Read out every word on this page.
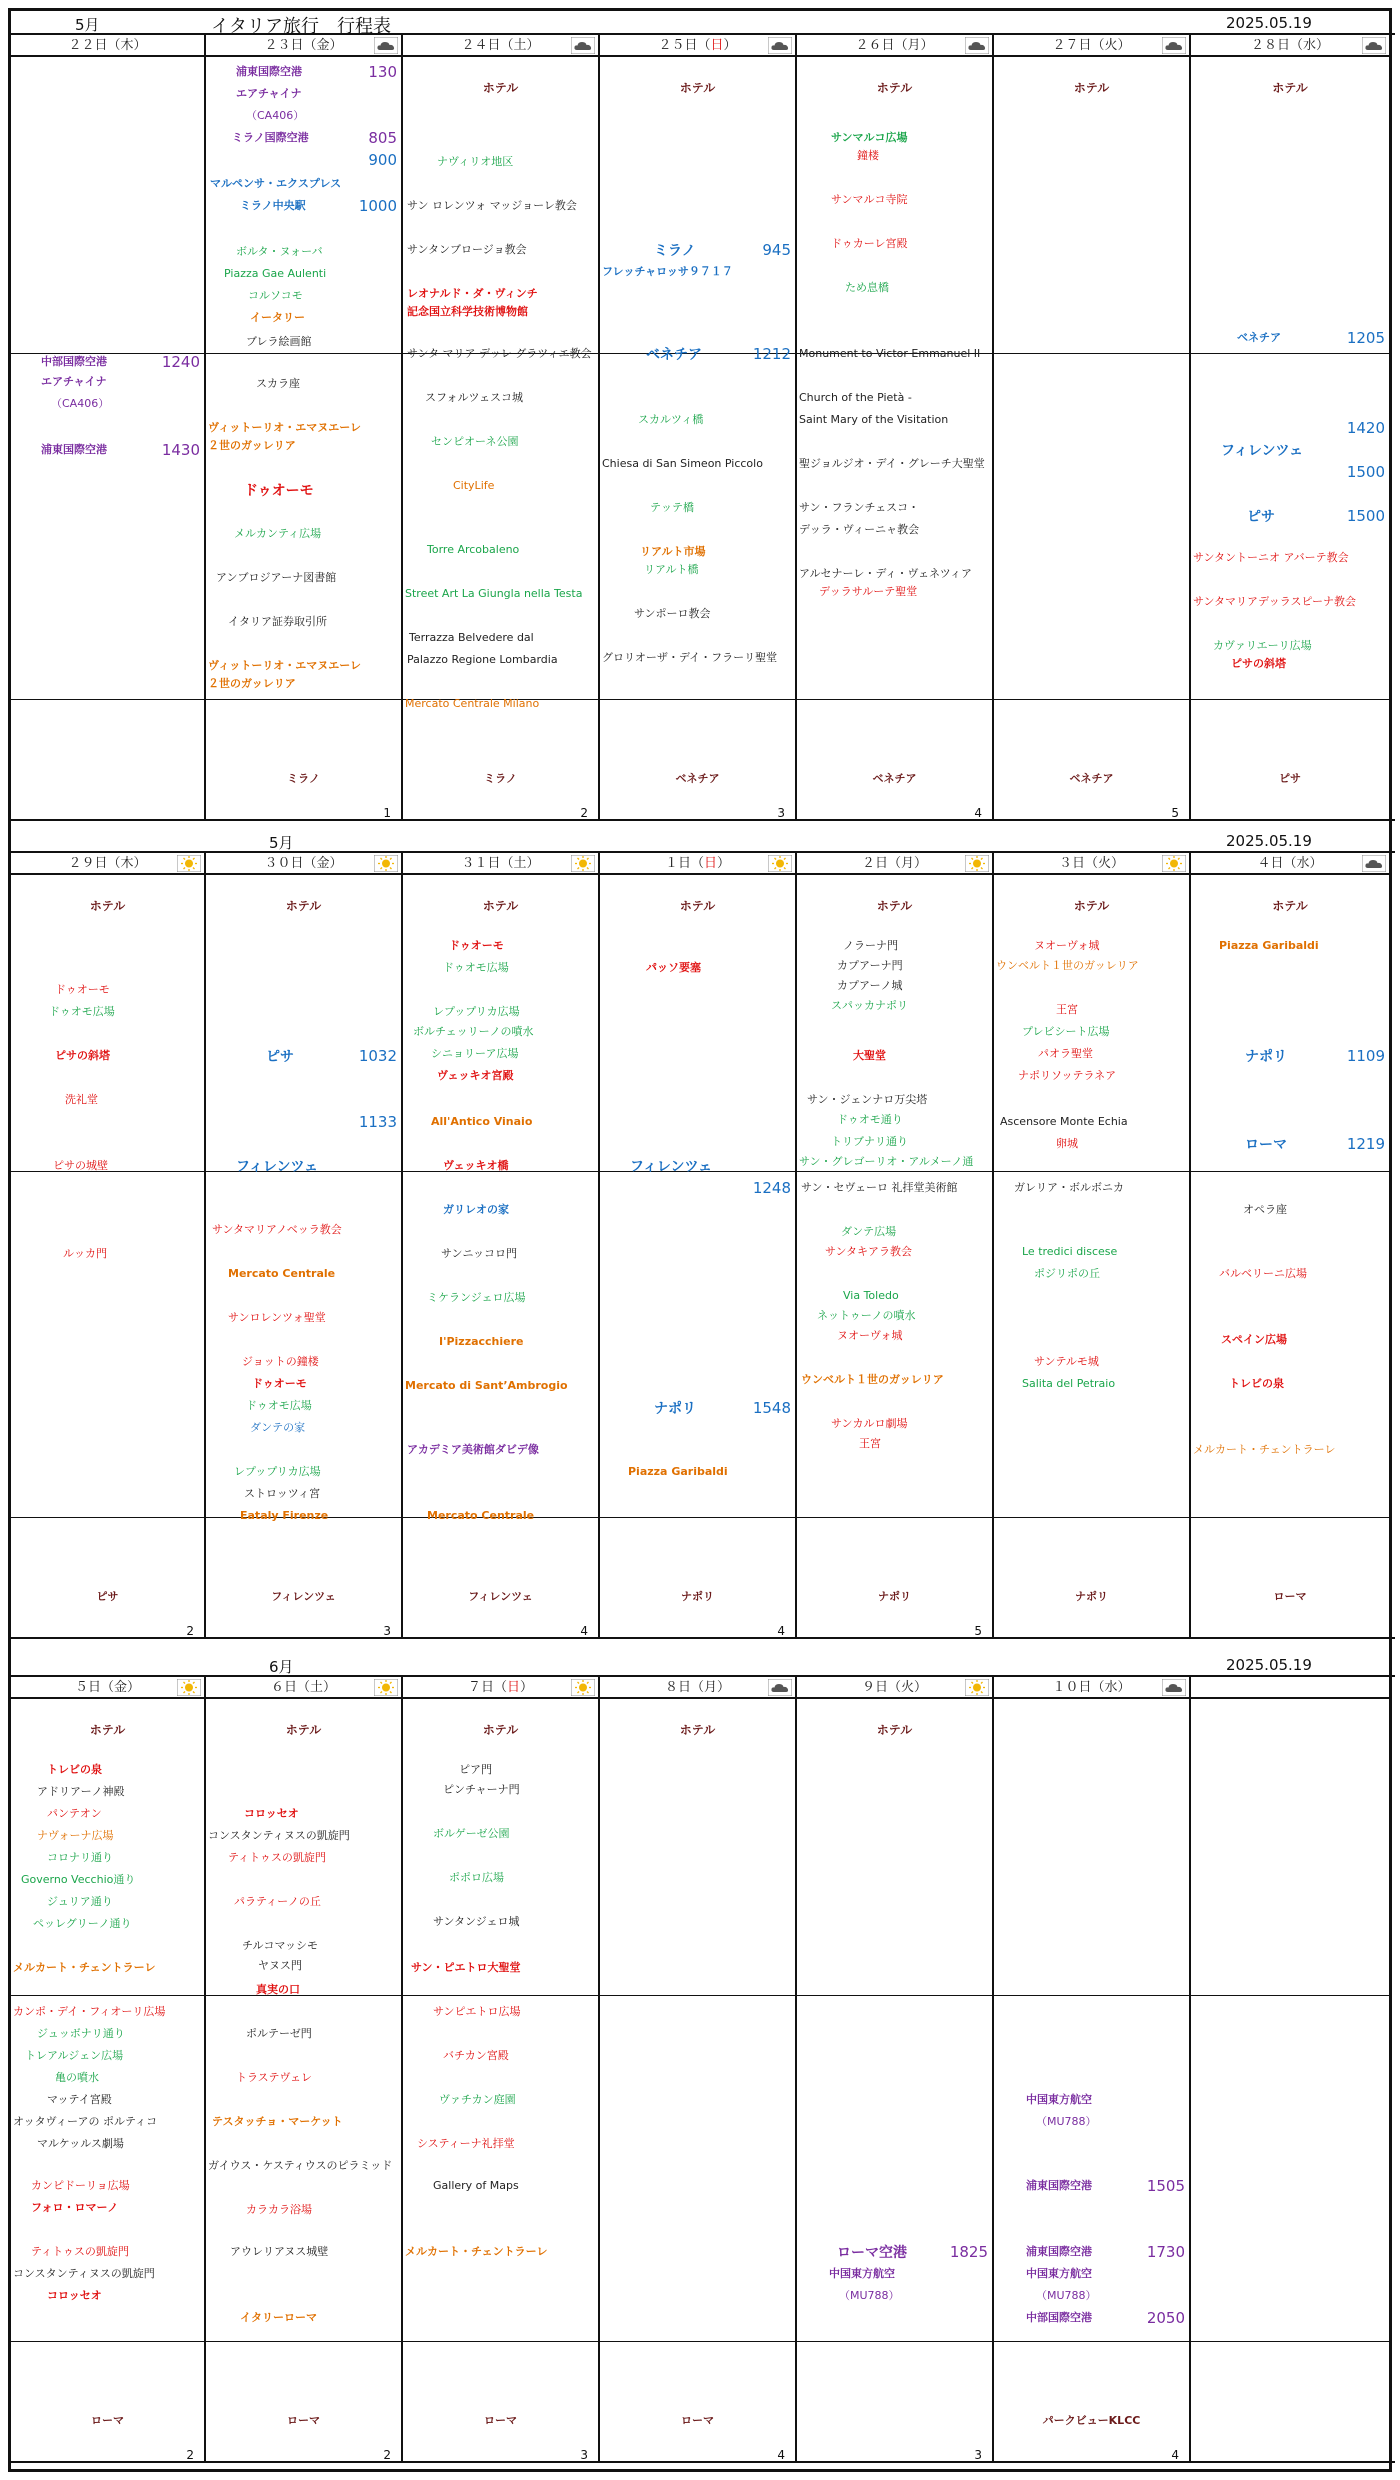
5月	イタリア旅行　行程表	2025.05.19
２２日（木）
中部国際空港	1240
エアチャイナ
（CA406）
浦東国際空港	1430
２３日（金）
浦東国際空港	130
エアチャイナ
（CA406）
ミラノ国際空港	805
900
マルペンサ・エクスプレス
ミラノ中央駅	1000
ボルタ・ヌォーバ
Piazza Gae Aulenti
コルソコモ
イータリー
ブレラ絵画館
スカラ座
ヴィットーリオ・エマヌエーレ
２世のガッレリア
ドゥオーモ
メルカンティ広場
アンブロジアーナ図書館
イタリア証券取引所
ヴィットーリオ・エマヌエーレ
２世のガッレリア
ミラノ
1
２４日（土）
ホテル
ナヴィリオ地区
サン ロレンツォ マッジョーレ教会
サンタンブロージョ教会
レオナルド・ダ・ヴィンチ
記念国立科学技術博物館
サンタ マリア デッレ グラツィエ教会
スフォルツェスコ城
センピオーネ公園
CityLife
Torre Arcobaleno
Street Art La Giungla nella Testa
Terrazza Belvedere dal
Palazzo Regione Lombardia
Mercato Centrale Milano
ミラノ
2
２５日（日）
ホテル
ミラノ	945
フレッチャロッサ９７１７
ベネチア	1212
スカルツィ橋
Chiesa di San Simeon Piccolo
テッテ橋
リアルト市場
リアルト橋
サンポーロ教会
グロリオーザ・デイ・フラーリ聖堂
ベネチア
3
２６日（月）
ホテル
サンマルコ広場
鐘楼
サンマルコ寺院
ドゥカーレ宮殿
ため息橋
Monument to Victor Emmanuel II
Church of the Pietà -
Saint Mary of the Visitation
聖ジョルジオ・デイ・グレーチ大聖堂
サン・フランチェスコ・
デッラ・ヴィーニャ教会
アルセナーレ・ディ・ヴェネツィア
デッラサルーテ聖堂
ベネチア
4
２７日（火）
ホテル
ベネチア
5
２８日（水）
ホテル
ベネチア	1205
1420
フィレンツェ
1500
ピサ	1500
サンタントーニオ アバーテ教会
サンタマリアデッラスピーナ教会
カヴァリエーリ広場
ピサの斜塔
ピサ
5月	2025.05.19
２９日（木）
ホテル
ドゥオーモ
ドゥオモ広場
ピサの斜塔
洗礼堂
ピサの城壁
ルッカ門
ピサ
2
３０日（金）
ホテル
ピサ	1032
1133
フィレンツェ
サンタマリアノベッラ教会
Mercato Centrale
サンロレンツォ聖堂
ジョットの鐘楼
ドゥオーモ
ドゥオモ広場
ダンテの家
レプップリカ広場
ストロッツィ宮
Eataly Firenze
フィレンツェ
3
３１日（土）
ホテル
ドゥオーモ
ドゥオモ広場
レプップリカ広場
ボルチェッリーノの噴水
シニョリーア広場
ヴェッキオ宮殿
All'Antico Vinaio
ヴェッキオ橋
ガリレオの家
サンニッコロ門
ミケランジェロ広場
I'Pizzacchiere
Mercato di Sant’Ambrogio
アカデミア美術館ダビデ像
Mercato Centrale
フィレンツェ
4
１日（日）
ホテル
パッソ要塞
フィレンツェ
1248
ナポリ	1548
Piazza Garibaldi
ナポリ
4
２日（月）
ホテル
ノラーナ門
カプアーナ門
カプアーノ城
スパッカナポリ
大聖堂
サン・ジェンナロ万尖塔
ドゥオモ通り
トリブナリ通り
サン・グレゴーリオ・アルメーノ通
サン・セヴェーロ 礼拝堂美術館
ダンテ広場
サンタキアラ教会
Via Toledo
ネットゥーノの噴水
ヌオーヴォ城
ウンベルト１世のガッレリア
サンカルロ劇場
王宮
ナポリ
5
３日（火）
ホテル
ヌオーヴォ城
ウンベルト１世のガッレリア
王宮
プレビシート広場
パオラ聖堂
ナポリソッテラネア
Ascensore Monte Echia
卵城
ガレリア・ボルボニカ
Le tredici discese
ポジリポの丘
サンテルモ城
Salita del Petraio
ナポリ
４日（水）
ホテル
Piazza Garibaldi
ナポリ	1109
ローマ	1219
オペラ座
バルベリーニ広場
スペイン広場
トレビの泉
メルカート・チェントラーレ
ローマ
6月	2025.05.19
５日（金）
ホテル
トレビの泉
アドリアーノ神殿
パンテオン
ナヴォーナ広場
コロナリ通り
Governo Vecchio通り
ジュリア通り
ペッレグリーノ通り
メルカート・チェントラーレ
カンポ・デイ・フィオーリ広場
ジュッボナリ通り
トレアルジェン広場
亀の噴水
マッテイ宮殿
オッタヴィーアの ポルティコ
マルケッルス劇場
カンピドーリョ広場
フォロ・ロマーノ
ティトゥスの凱旋門
コンスタンティヌスの凱旋門
コロッセオ
ローマ
2
６日（土）
ホテル
コロッセオ
コンスタンティヌスの凱旋門
ティトゥスの凱旋門
パラティーノの丘
チルコマッシモ
ヤヌス門
真実の口
ポルテーゼ門
トラステヴェレ
テスタッチョ・マーケット
ガイウス・ケスティウスのピラミッド
カラカラ浴場
アウレリアヌス城壁
イタリーローマ
ローマ
2
７日（日）
ホテル
ピア門
ピンチャーナ門
ボルゲーゼ公園
ポポロ広場
サンタンジェロ城
サン・ピエトロ大聖堂
サンピエトロ広場
バチカン宮殿
ヴァチカン庭園
システィーナ礼拝堂
Gallery of Maps
メルカート・チェントラーレ
ローマ
3
８日（月）
ホテル
ローマ
4
９日（火）
ホテル
ローマ空港	1825
中国東方航空
（MU788）
3
１０日（水）
中国東方航空
（MU788）
浦東国際空港	1505
浦東国際空港	1730
中国東方航空
（MU788）
中部国際空港	2050
パークビューKLCC
4
